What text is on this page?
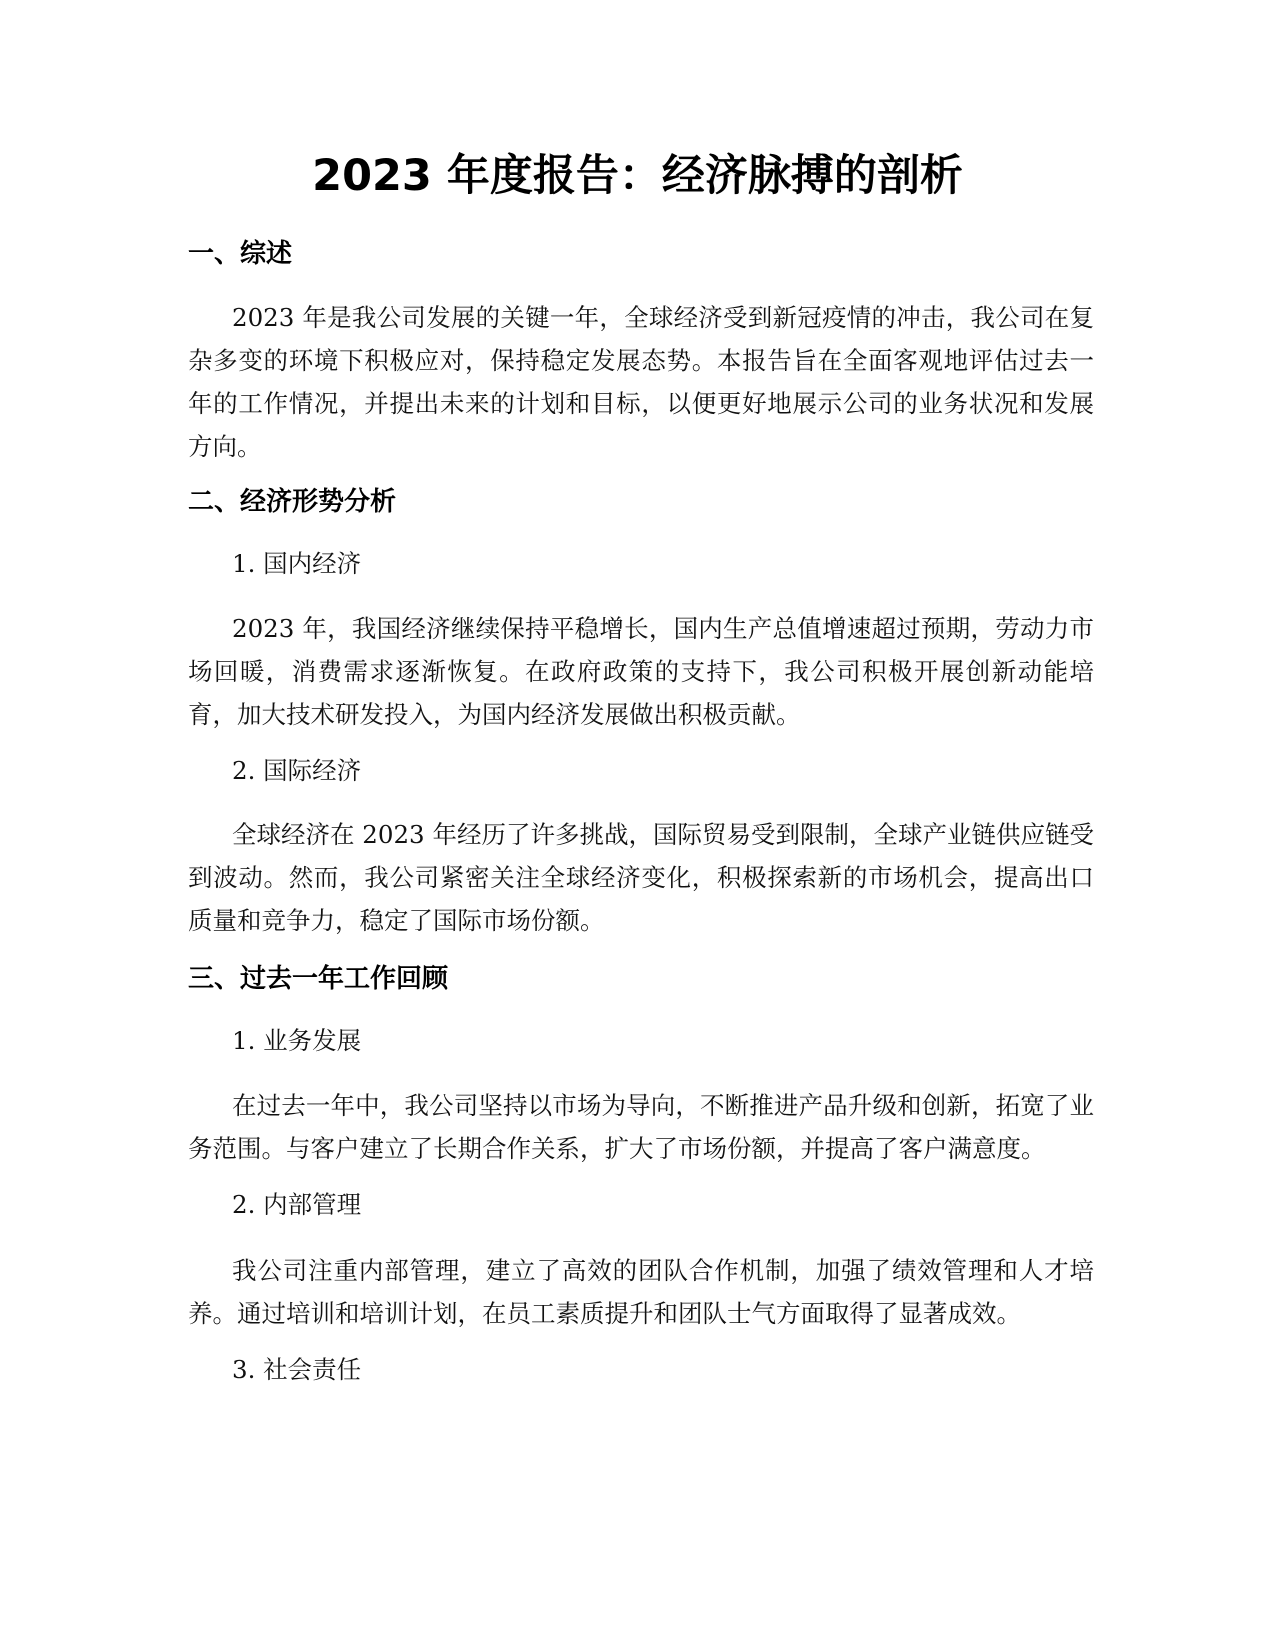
2023 年度报告：经济脉搏的剖析
一、综述

2023 年是我公司发展的关键一年，全球经济受到新冠疫情的冲击，我公司在复杂多变的环境下积极应对，保持稳定发展态势。本报告旨在全面客观地评估过去一年的工作情况，并提出未来的计划和目标，以便更好地展示公司的业务状况和发展方向。

二、经济形势分析

1. 国内经济

2023 年，我国经济继续保持平稳增长，国内生产总值增速超过预期，劳动力市场回暖，消费需求逐渐恢复。在政府政策的支持下，我公司积极开展创新动能培育，加大技术研发投入，为国内经济发展做出积极贡献。

2. 国际经济

全球经济在 2023 年经历了许多挑战，国际贸易受到限制，全球产业链供应链受到波动。然而，我公司紧密关注全球经济变化，积极探索新的市场机会，提高出口质量和竞争力，稳定了国际市场份额。

三、过去一年工作回顾

1. 业务发展

在过去一年中，我公司坚持以市场为导向，不断推进产品升级和创新，拓宽了业务范围。与客户建立了长期合作关系，扩大了市场份额，并提高了客户满意度。

2. 内部管理

我公司注重内部管理，建立了高效的团队合作机制，加强了绩效管理和人才培养。通过培训和培训计划，在员工素质提升和团队士气方面取得了显著成效。

3. 社会责任
